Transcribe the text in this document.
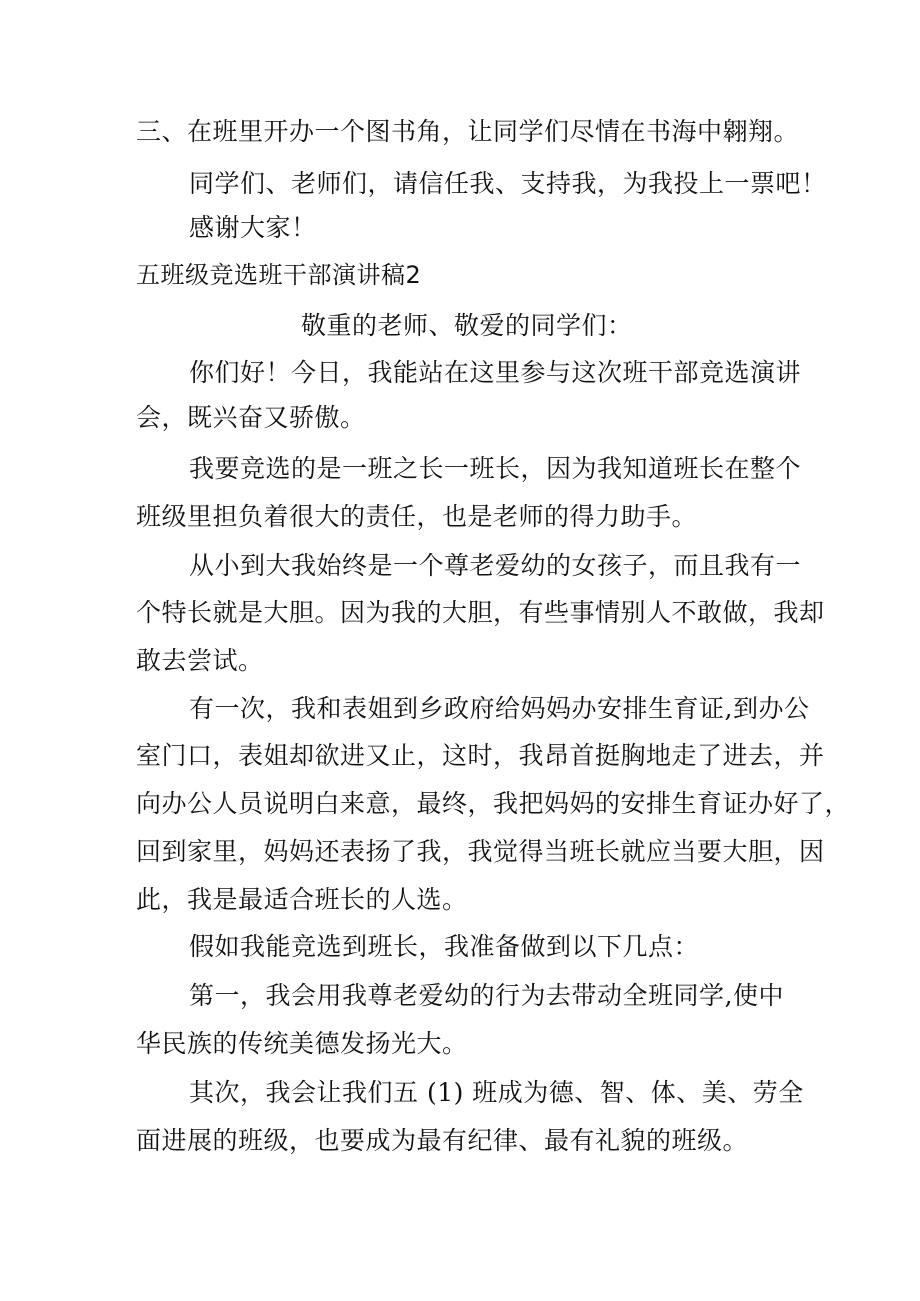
三、在班里开办一个图书角，让同学们尽情在书海中翱翔。
同学们、老师们，请信任我、支持我，为我投上一票吧！
感谢大家！
五班级竞选班干部演讲稿2
敬重的老师、敬爱的同学们：
你们好！今日，我能站在这里参与这次班干部竞选演讲
会，既兴奋又骄傲。
我要竞选的是一班之长一班长，因为我知道班长在整个
班级里担负着很大的责任，也是老师的得力助手。
从小到大我始终是一个尊老爱幼的女孩子，而且我有一
个特长就是大胆。因为我的大胆，有些事情别人不敢做，我却
敢去尝试。
有一次，我和表姐到乡政府给妈妈办安排生育证,到办公
室门口，表姐却欲进又止，这时，我昂首挺胸地走了进去，并
向办公人员说明白来意，最终，我把妈妈的安排生育证办好了，
回到家里，妈妈还表扬了我，我觉得当班长就应当要大胆，因
此，我是最适合班长的人选。
假如我能竞选到班长，我准备做到以下几点：
第一，我会用我尊老爱幼的行为去带动全班同学,使中
华民族的传统美德发扬光大。
其次，我会让我们五 (1) 班成为德、智、体、美、劳全
面进展的班级，也要成为最有纪律、最有礼貌的班级。
